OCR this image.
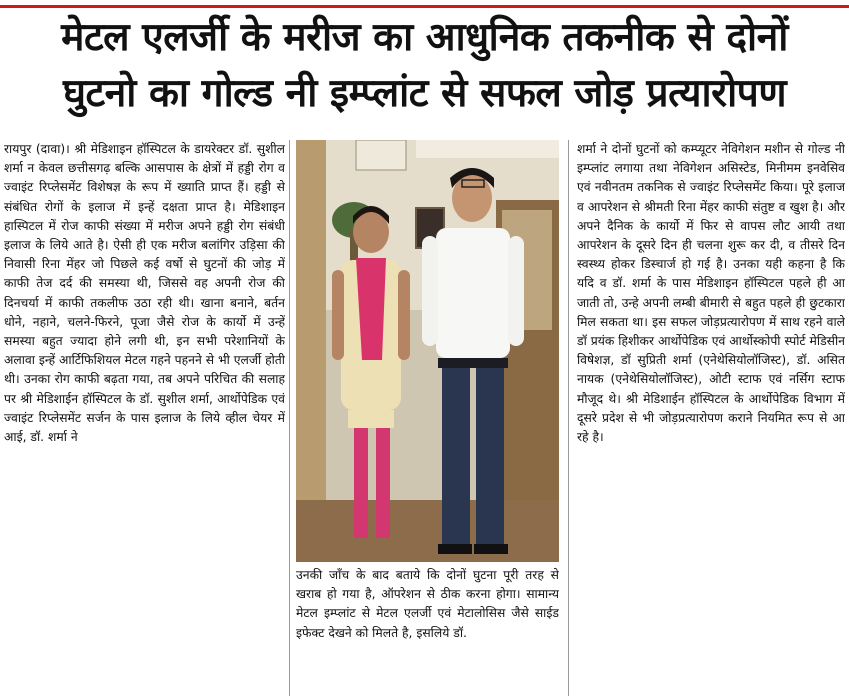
मेटल एलर्जी के मरीज का आधुनिक तकनीक से दोनों
घुटनो का गोल्ड नी इम्प्लांट से सफल जोड़ प्रत्यारोपण

रायपुर (दावा)। श्री मेडिशाइन हॉस्पिटल के डायरेक्टर डॉ. सुशील शर्मा न केवल छत्तीसगढ़ बल्कि आसपास के क्षेत्रों में हड्डी रोग व ज्वाइंट रिप्लेसमेंट विशेषज्ञ के रूप में ख्याति प्राप्त हैं। हड्डी से संबंधित रोगों के इलाज में इन्हें दक्षता प्राप्त है। मेडिशाइन हास्पिटल में रोज काफी संख्या में मरीज अपने हड्डी रोग संबंधी इलाज के लिये आते है। ऐसी ही एक मरीज बलांगिर उड़िसा की निवासी रिना मेंहर जो पिछले कई वर्षो से घुटनों की जोड़ में काफी तेज दर्द की समस्या थी, जिससे वह अपनी रोज की दिनचर्या में काफी तकलीफ उठा रही थी। खाना बनाने, बर्तन धोने, नहाने, चलने-फिरने, पूजा जैसे रोज के कार्यो में उन्हें समस्या बहुत ज्यादा होने लगी थी, इन सभी परेशानियों के अलावा इन्हें आर्टिफिशियल मेटल गहने पहनने से भी एलर्जी होती थी। उनका रोग काफी बढ़ता गया, तब अपने परिचित की सलाह पर श्री मेडिशाईन हॉस्पिटल के डॉ. सुशील शर्मा, आर्थोपेडिक एवं ज्वाइंट रिप्लेसमेंट सर्जन के पास इलाज के लिये व्हील चेयर में आई, डॉ. शर्मा ने

उनकी जाँच के बाद बताये कि दोनों घुटना पूरी तरह से खराब हो गया है, ऑपरेशन से ठीक करना होगा। सामान्य मेटल इम्प्लांट से मेटल एलर्जी एवं मेटालोसिस जैसे साईड इफेक्ट देखने को मिलते है, इसलिये डॉ.

शर्मा ने दोनों घुटनों को कम्प्यूटर नेविगेशन मशीन से गोल्ड नी इम्प्लांट लगाया तथा नेविगेशन असिस्टेड, मिनीमम इनवेसिव एवं नवीनतम तकनिक से ज्वाइंट रिप्लेसमेंट किया। पूरे इलाज व आपरेशन से श्रीमती रिना मेंहर काफी संतुष्ट व खुश है। और अपने दैनिक के कार्यो में फिर से वापस लौट आयी तथा आपरेशन के दूसरे दिन ही चलना शुरू कर दी, व तीसरे दिन स्वस्थ्य होकर डिस्चार्ज हो गई है। उनका यही कहना है कि यदि व डॉ. शर्मा के पास मेडिशाइन हॉस्पिटल पहले ही आ जाती तो, उन्हे अपनी लम्बी बीमारी से बहुत पहले ही छुटकारा मिल सकता था। इस सफल जोड़प्रत्यारोपण में साथ रहने वाले डॉ प्रयंक हिशीकर आर्थोपेडिक एवं आर्थोस्कोपी स्पोर्ट मेडिसीन विषेशज्ञ, डॉ सुप्रिती शर्मा (एनेथेसियोलॉजिस्ट), डॉ. असित नायक (एनेथेसियोलॉजिस्ट), ओटी स्टाफ एवं नर्सिग स्टाफ मौजूद थे। श्री मेडिशाईन हॉस्पिटल के आर्थोपेडिक विभाग में दूसरे प्रदेश से भी जोड़प्रत्यारोपण कराने नियमित रूप से आ रहे है।
